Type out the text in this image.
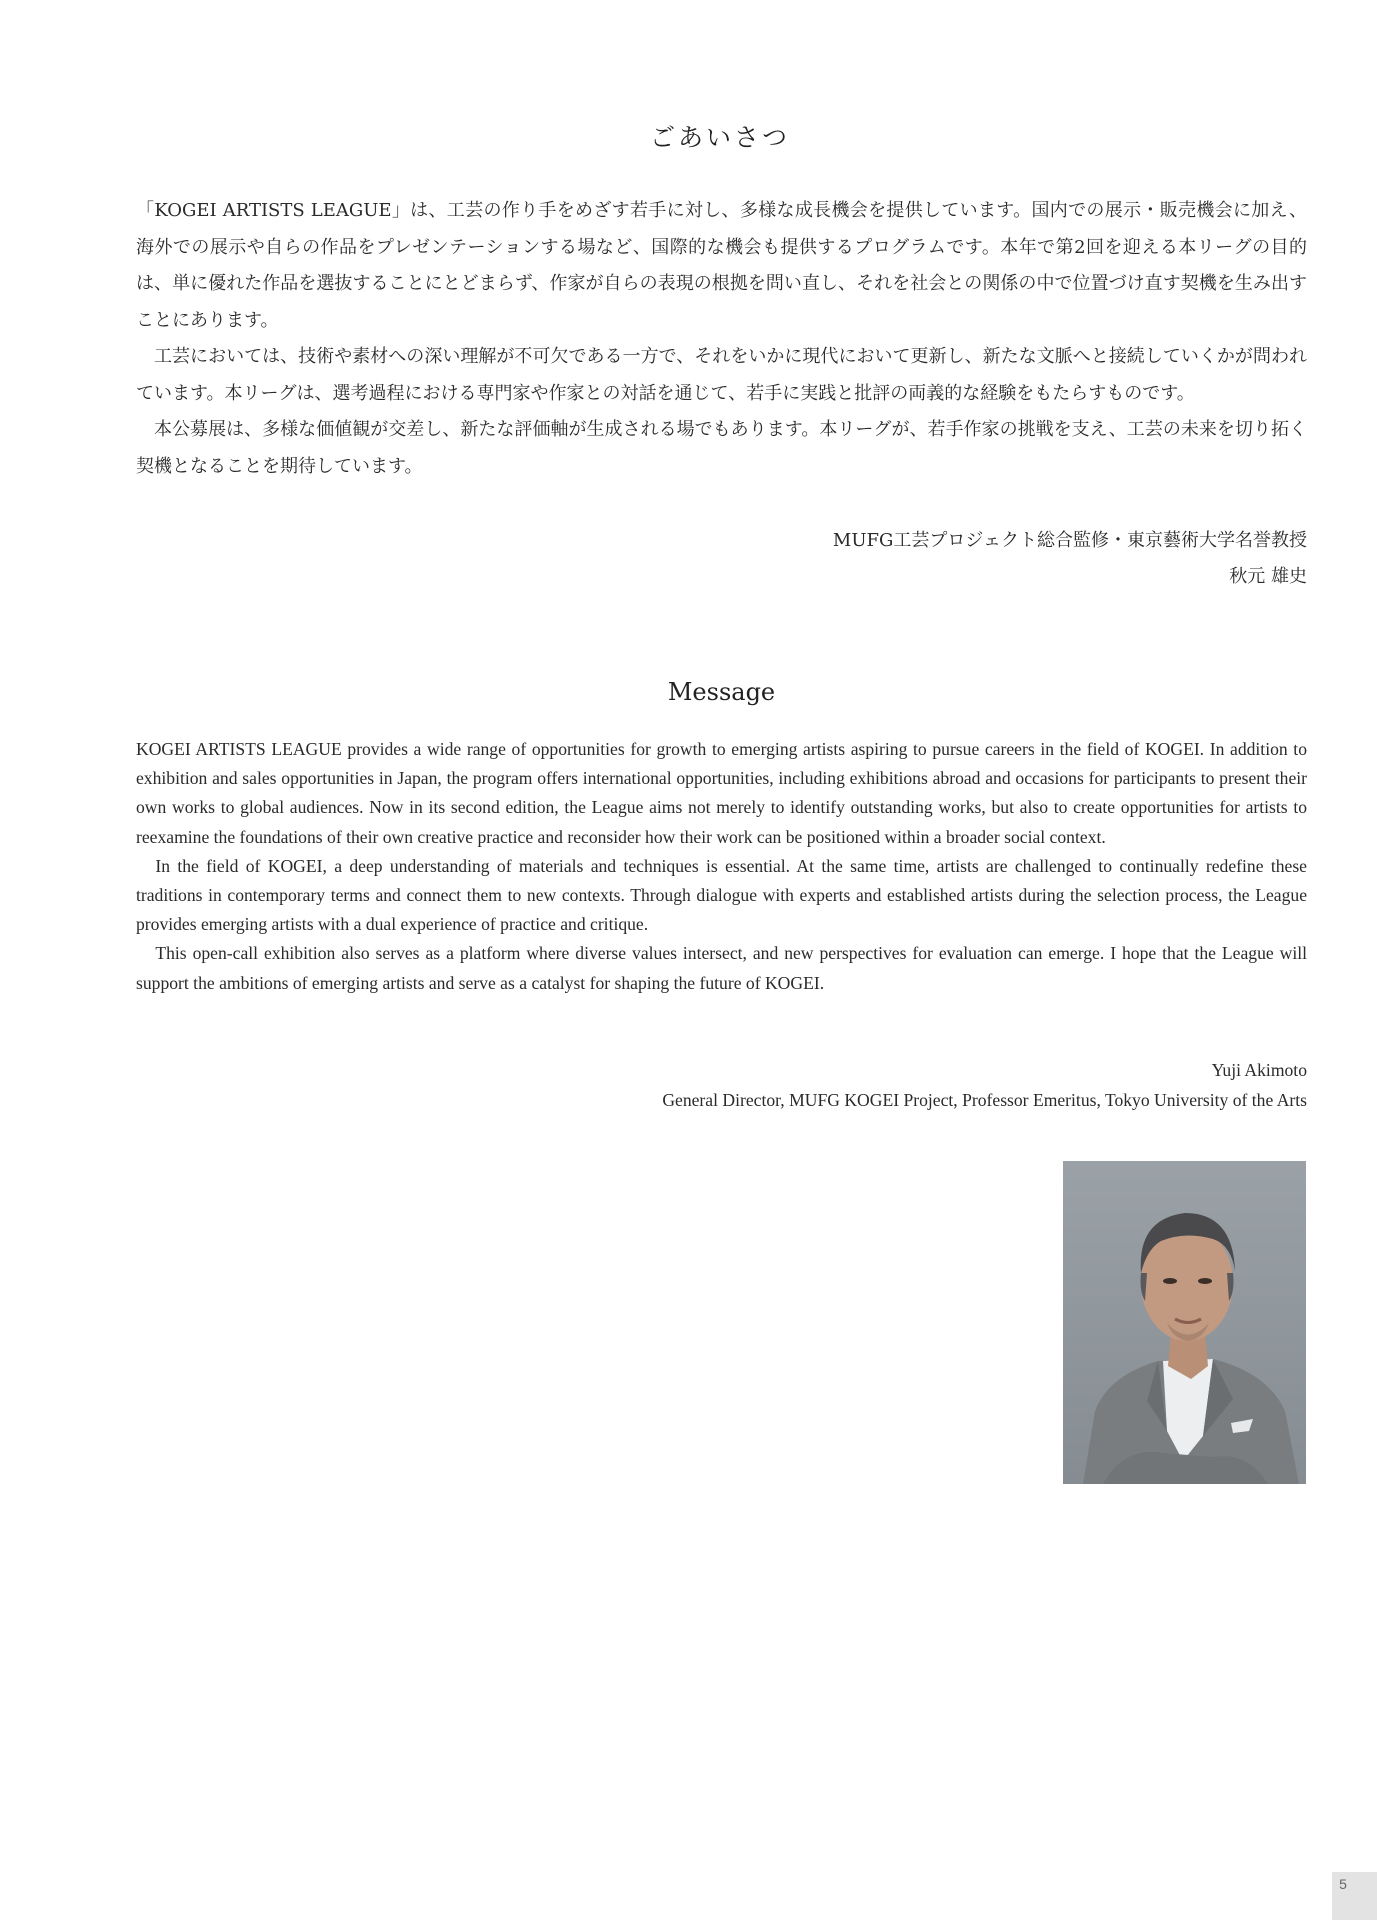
ごあいさつ

「KOGEI ARTISTS LEAGUE」は、工芸の作り手をめざす若手に対し、多様な成長機会を提供しています。国内での展示・販売機会に加え、海外での展示や自らの作品をプレゼンテーションする場など、国際的な機会も提供するプログラムです。本年で第2回を迎える本リーグの目的は、単に優れた作品を選抜することにとどまらず、作家が自らの表現の根拠を問い直し、それを社会との関係の中で位置づけ直す契機を生み出すことにあります。

工芸においては、技術や素材への深い理解が不可欠である一方で、それをいかに現代において更新し、新たな文脈へと接続していくかが問われています。本リーグは、選考過程における専門家や作家との対話を通じて、若手に実践と批評の両義的な経験をもたらすものです。

本公募展は、多様な価値観が交差し、新たな評価軸が生成される場でもあります。本リーグが、若手作家の挑戦を支え、工芸の未来を切り拓く契機となることを期待しています。

MUFG工芸プロジェクト総合監修・東京藝術大学名誉教授
秋元 雄史
Message

KOGEI ARTISTS LEAGUE provides a wide range of opportunities for growth to emerging artists aspiring to pursue careers in the field of KOGEI. In addition to exhibition and sales opportunities in Japan, the program offers international opportunities, including exhibitions abroad and occasions for participants to present their own works to global audiences. Now in its second edition, the League aims not merely to identify outstanding works, but also to create opportunities for artists to reexamine the foundations of their own creative practice and reconsider how their work can be positioned within a broader social context.

In the field of KOGEI, a deep understanding of materials and techniques is essential. At the same time, artists are challenged to continually redefine these traditions in contemporary terms and connect them to new contexts. Through dialogue with experts and established artists during the selection process, the League provides emerging artists with a dual experience of practice and critique.

This open-call exhibition also serves as a platform where diverse values intersect, and new perspectives for evaluation can emerge. I hope that the League will support the ambitions of emerging artists and serve as a catalyst for shaping the future of KOGEI.

Yuji Akimoto
General Director, MUFG KOGEI Project, Professor Emeritus, Tokyo University of the Arts
5
